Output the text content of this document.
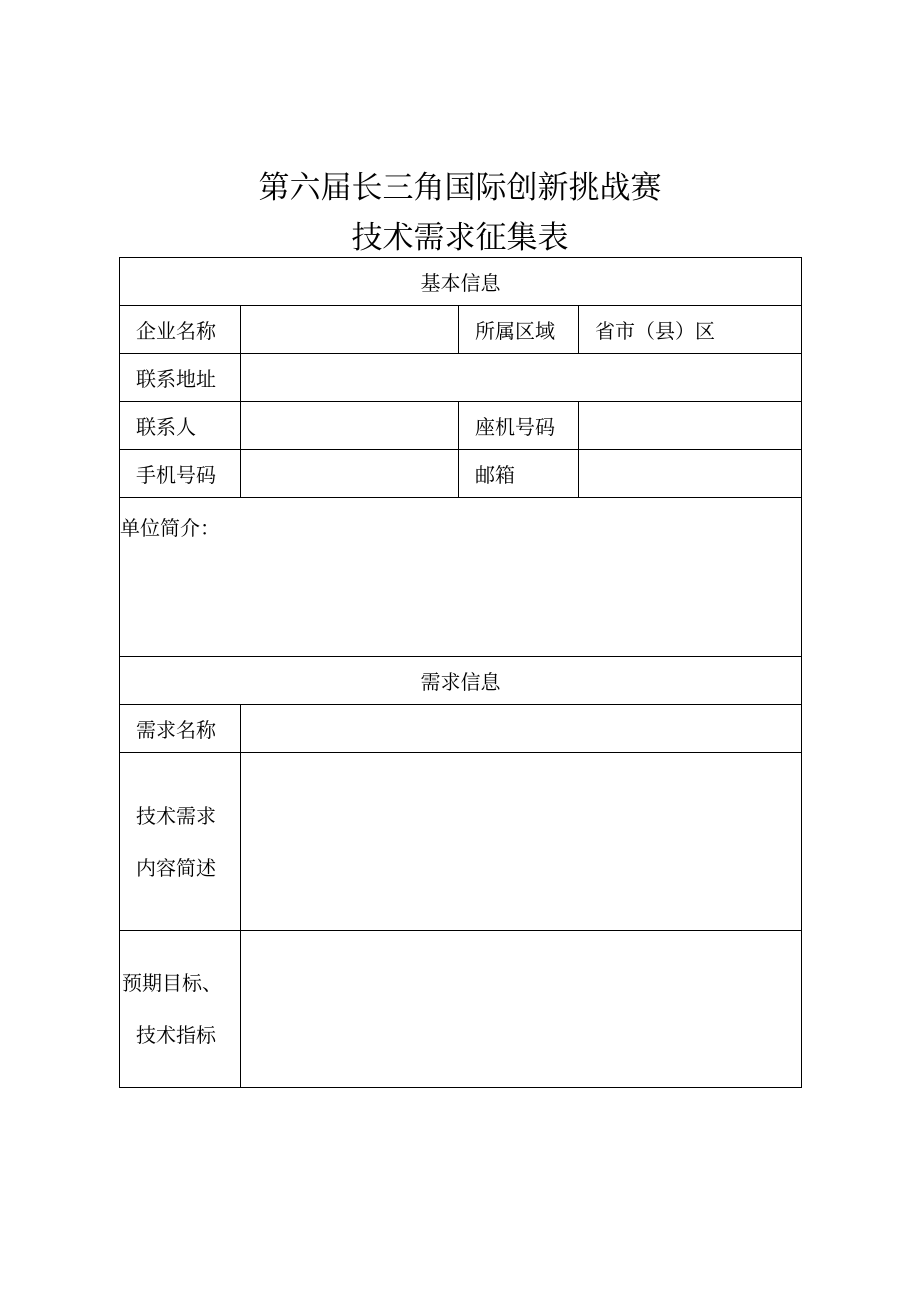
第六届长三角国际创新挑战赛
技术需求征集表
基本信息			
企业名称		所属区域	省市（县）区
联系地址			
联系人		座机号码	
手机号码		邮箱	
单位简介：			
需求信息			
需求名称			

技术需求
内容简述			

预期目标、
技术指标			
